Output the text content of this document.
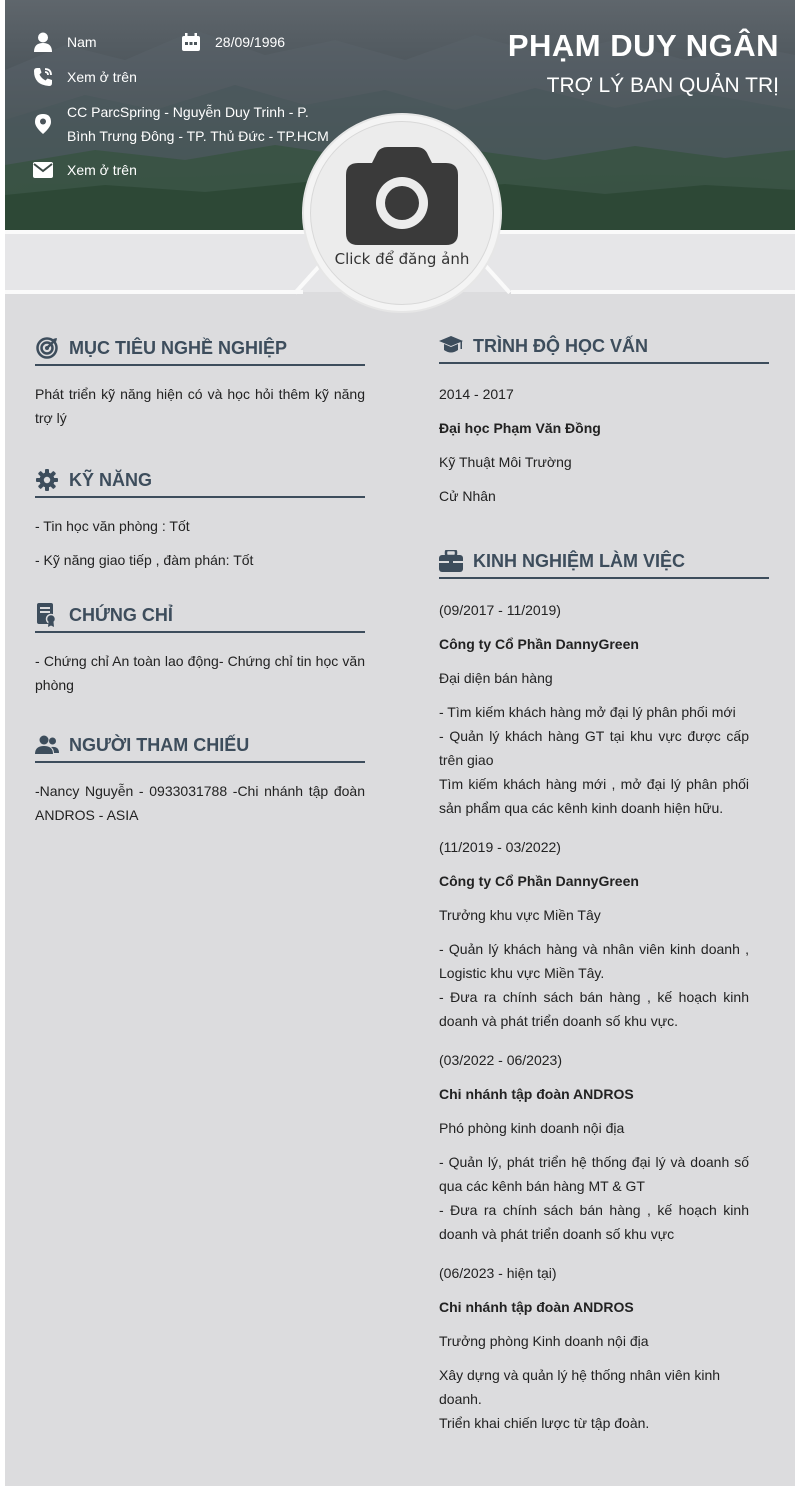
Nam	28/09/1996
Xem ở trên
CC ParcSpring - Nguyễn Duy Trinh - P.
Bình Trưng Đông - TP. Thủ Đức - TP.HCM
Xem ở trên
PHẠM DUY NGÂN
TRỢ LÝ BAN QUẢN TRỊ
Click để đăng ảnh
MỤC TIÊU NGHỀ NGHIỆP
Phát triển kỹ năng hiện có và học hỏi thêm kỹ năng trợ lý
KỸ NĂNG
- Tin học văn phòng : Tốt
- Kỹ năng giao tiếp , đàm phán: Tốt
CHỨNG CHỈ
- Chứng chỉ An toàn lao động- Chứng chỉ tin học văn phòng
NGƯỜI THAM CHIẾU
-Nancy Nguyễn - 0933031788 -Chi nhánh tập đoàn ANDROS - ASIA
TRÌNH ĐỘ HỌC VẤN
2014 - 2017
Đại học Phạm Văn Đồng
Kỹ Thuật Môi Trường
Cử Nhân
KINH NGHIỆM LÀM VIỆC
(09/2017 - 11/2019)
Công ty Cổ Phần DannyGreen
Đại diện bán hàng
- Tìm kiếm khách hàng mở đại lý phân phối mới
- Quản lý khách hàng GT tại khu vực được cấp trên giao
Tìm kiếm khách hàng mới , mở đại lý phân phối sản phẩm qua các kênh kinh doanh hiện hữu.
(11/2019 - 03/2022)
Công ty Cổ Phần DannyGreen
Trưởng khu vực Miền Tây
- Quản lý khách hàng và nhân viên kinh doanh , Logistic khu vực Miền Tây.
- Đưa ra chính sách bán hàng , kế hoạch kinh doanh và phát triển doanh số khu vực.
(03/2022 - 06/2023)
Chi nhánh tập đoàn ANDROS
Phó phòng kinh doanh nội địa
- Quản lý, phát triển hệ thống đại lý và doanh số qua các kênh bán hàng MT & GT
- Đưa ra chính sách bán hàng , kế hoạch kinh doanh và phát triển doanh số khu vực
(06/2023 - hiện tại)
Chi nhánh tập đoàn ANDROS
Trưởng phòng Kinh doanh nội địa
Xây dựng và quản lý hệ thống nhân viên kinh doanh.
Triển khai chiến lược từ tập đoàn.
